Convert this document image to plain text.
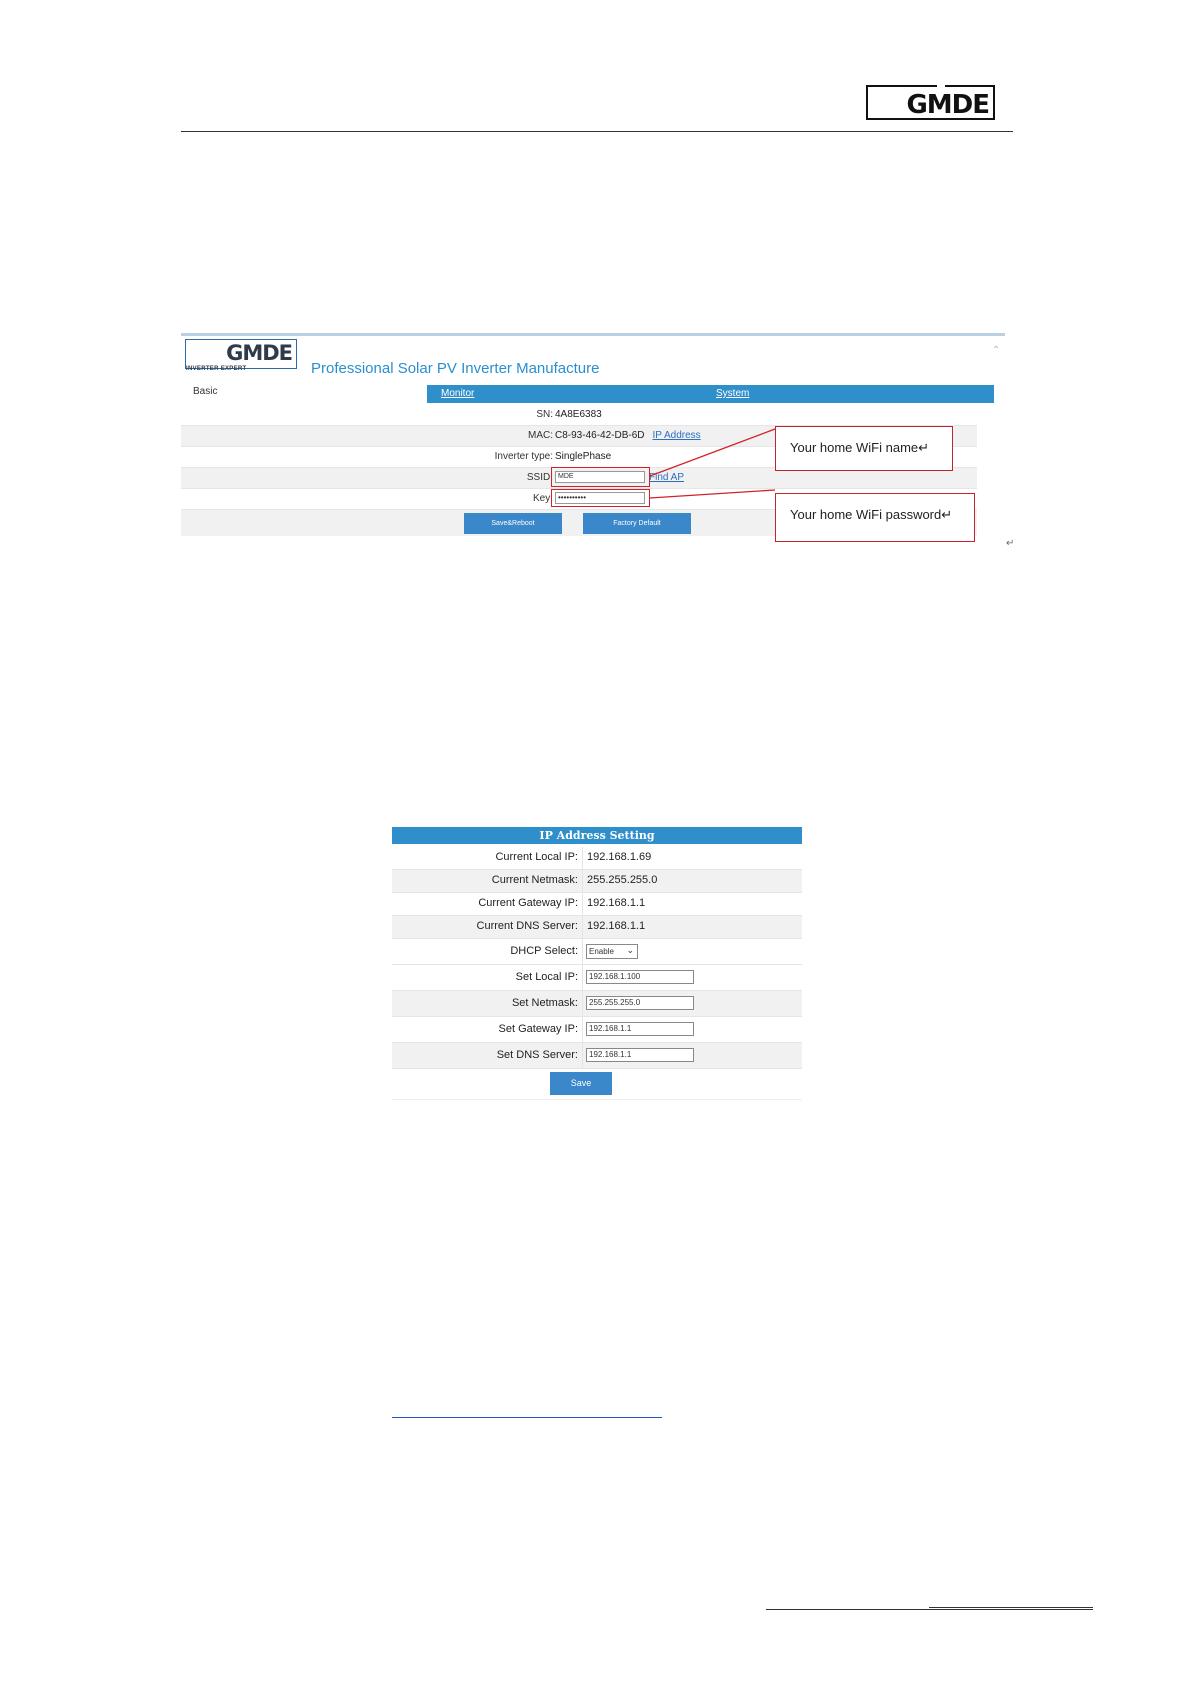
GMDE
GMDE
INVERTER EXPERT	Professional Solar PV Inverter Manufacture
⌃
Basic	Monitor	System
SN: 4A8E6383
MAC: C8-93-46-42-DB-6D IP Address
Inverter type: SinglePhase
SSID: MDE	Find AP
Key: ••••••••••
Save&Reboot	Factory Default
Your home WiFi name↵
Your home WiFi password↵
↵
IP Address Setting
Current Local IP: 192.168.1.69
Current Netmask: 255.255.255.0
Current Gateway IP: 192.168.1.1
Current DNS Server: 192.168.1.1
DHCP Select:	Enable ⌄
Set Local IP:	192.168.1.100
Set Netmask:	255.255.255.0
Set Gateway IP:	192.168.1.1
Set DNS Server:	192.168.1.1
Save
